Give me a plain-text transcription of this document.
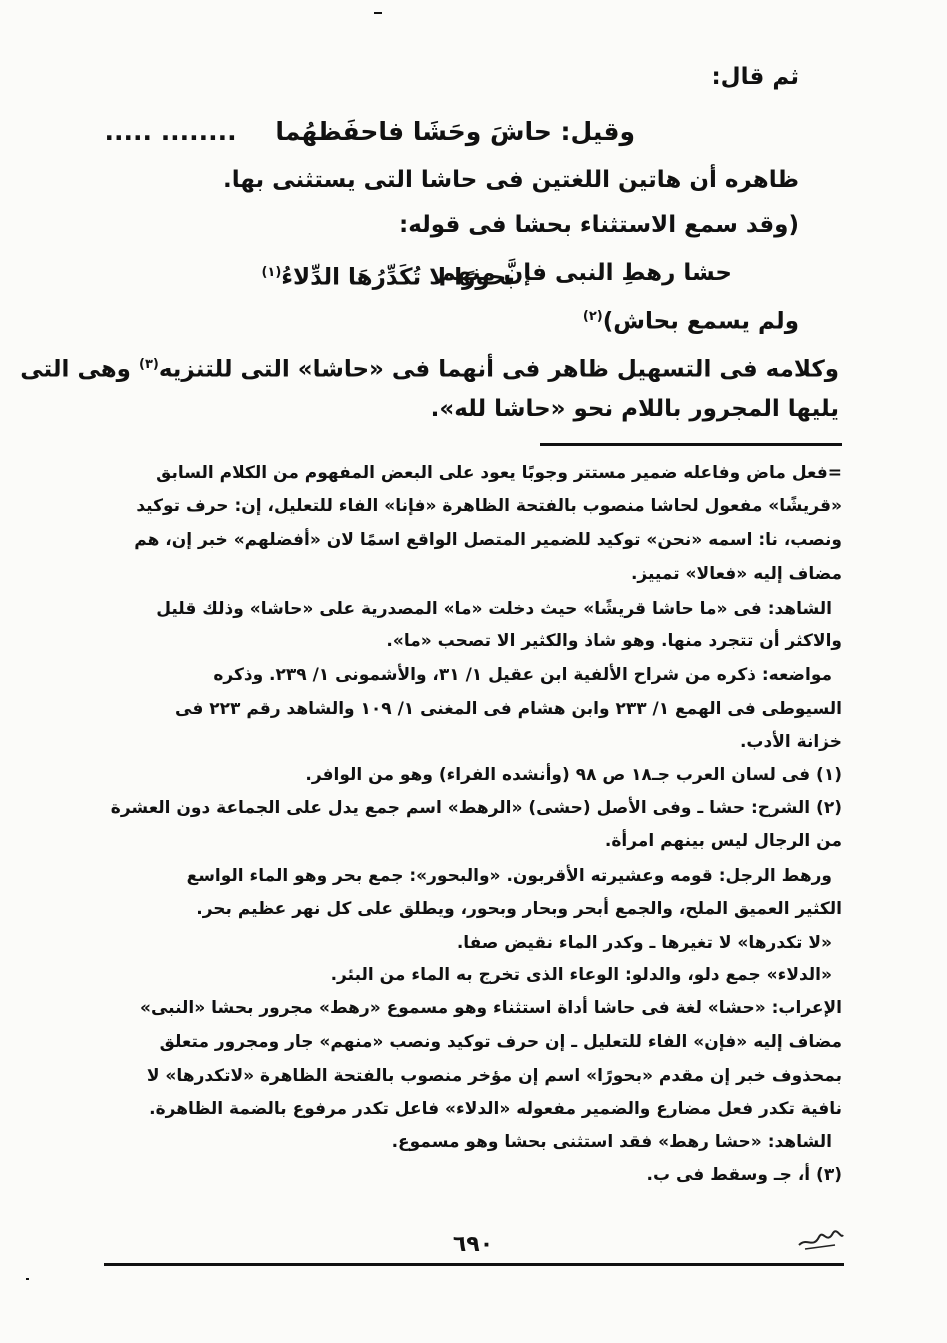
ثم قال:
وقيل: حاشَ وحَشَا فاحفَظهُما ........ .....
ظاهره أن هاتين اللغتين فى حاشا التى يستثنى بها.
(وقد سمع الاستثناء بحشا فى قوله:
حشا رهطِ النبى فإنَّ منهم
بحورًا لا تُكَدِّرُهَا الدِّلاءُ$^{(١)}$
ولم يسمع بحاش)$^{(٢)}$
وكلامه فى التسهيل ظاهر فى أنهما فى «حاشا» التى للتنزيه$^{(٣)}$ وهى التى
يليها المجرور باللام نحو «حاشا لله».
=فعل ماض وفاعله ضمير مستتر وجوبًا يعود على البعض المفهوم من الكلام السابق
«قريشًا» مفعول لحاشا منصوب بالفتحة الظاهرة «فإنا» الفاء للتعليل، إن: حرف توكيد
ونصب، نا: اسمه «نحن» توكيد للضمير المتصل الواقع اسمًا لان «أفضلهم» خبر إن، هم
مضاف إليه «فعالا» تمييز.
الشاهد: فى «ما حاشا قريشًا» حيث دخلت «ما» المصدرية على «حاشا» وذلك قليل
والاكثر أن تتجرد منها. وهو شاذ والكثير الا تصحب «ما».
مواضعه: ذكره من شراح الألفية ابن عقيل ١/ ٣١، والأشمونى ١/ ٢٣٩. وذكره
السيوطى فى الهمع ١/ ٢٣٣ وابن هشام فى المغنى ١/ ١٠٩ والشاهد رقم ٢٢٣ فى
خزانة الأدب.
(١) فى لسان العرب جـ١٨ ص ٩٨ (وأنشده الفراء) وهو من الوافر.
(٢) الشرح: حشا ـ وفى الأصل (حشى) «الرهط» اسم جمع يدل على الجماعة دون العشرة
من الرجال ليس بينهم امرأة.
ورهط الرجل: قومه وعشيرته الأقربون. «والبحور»: جمع بحر وهو الماء الواسع
الكثير العميق الملح، والجمع أبحر وبحار وبحور، ويطلق على كل نهر عظيم بحر.
«لا تكدرها» لا تغيرها ـ وكدر الماء نقيض صفا.
«الدلاء» جمع دلو، والدلو: الوعاء الذى تخرج به الماء من البئر.
الإعراب: «حشا» لغة فى حاشا أداة استثناء وهو مسموع «رهط» مجرور بحشا «النبى»
مضاف إليه «فإن» الفاء للتعليل ـ إن حرف توكيد ونصب «منهم» جار ومجرور متعلق
بمحذوف خبر إن مقدم «بحورًا» اسم إن مؤخر منصوب بالفتحة الظاهرة «لاتكدرها» لا
نافية تكدر فعل مضارع والضمير مفعوله «الدلاء» فاعل تكدر مرفوع بالضمة الظاهرة.
الشاهد: «حشا رهط» فقد استثنى بحشا وهو مسموع.
(٣) أ، جـ وسقط فى ب.
٦٩٠
